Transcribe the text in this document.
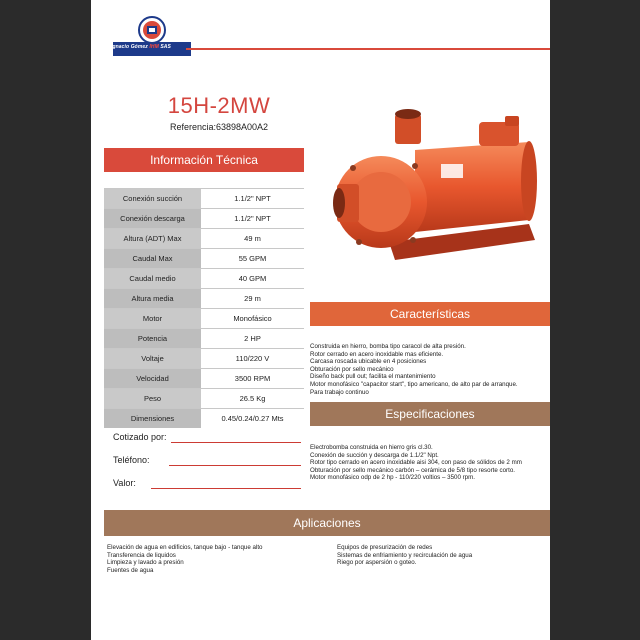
Ignacio Gómez IHM SAS
15H-2MW
Referencia:63898A00A2
Información Técnica
Conexión succión	1.1/2" NPT
Conexión descarga	1.1/2" NPT
Altura (ADT) Max	49 m
Caudal Max	55 GPM
Caudal medio	40 GPM
Altura media	29 m
Motor	Monofásico
Potencia	2 HP
Voltaje	110/220 V
Velocidad	3500 RPM
Peso	26.5 Kg
Dimensiones	0.45/0.24/0.27 Mts
Características
Construida en hierro, bomba tipo caracol de alta presión.
Rotor cerrado en acero inoxidable mas eficiente.
Carcasa roscada ubicable en 4 posiciones
Obturación por sello mecánico
Diseño back pull out; facilita el mantenimiento
Motor monofásico "capacitor start", tipo americano, de alto par de arranque.
Para trabajo continuo
Especificaciones
Electrobomba construida en hierro gris cl.30.
Conexión de succión y descarga de 1.1/2" Npt.
Rotor tipo cerrado en acero inoxidable aisi 304, con paso de sólidos de 2 mm
Obturación por sello mecánico carbón – cerámica de 5/8 tipo resorte corto.
Motor monofásico odp de 2 hp - 110/220 voltios – 3500 rpm.
Cotizado por:
Teléfono:
Valor:
Aplicaciones
Elevación de agua en edificios, tanque bajo - tanque alto
Transferencia de liquidos
Limpieza y lavado a presión
Fuentes de agua
Equipos de presurización de redes
Sistemas de enfriamiento y recirculación de agua
Riego por aspersión o goteo.
